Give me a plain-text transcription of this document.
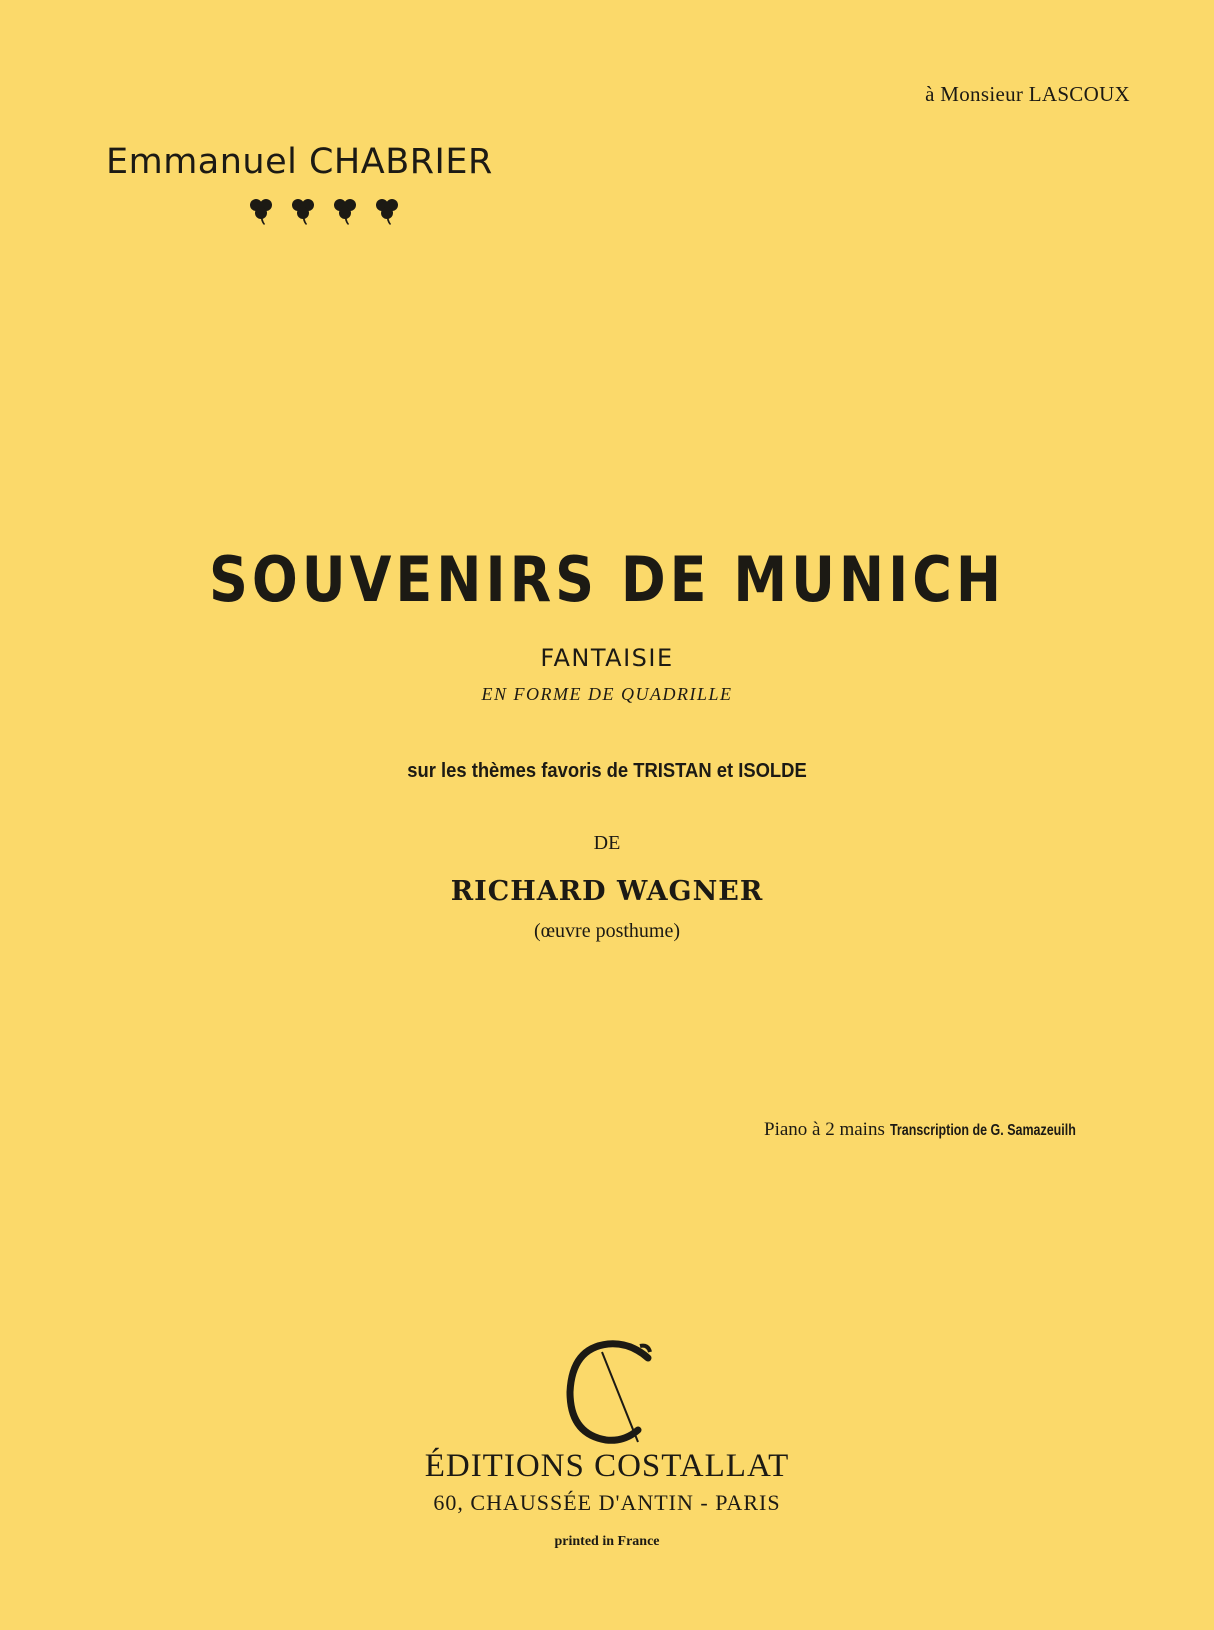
à Monsieur LASCOUX
Emmanuel CHABRIER
SOUVENIRS DE MUNICH
FANTAISIE
EN FORME DE QUADRILLE
sur les thèmes favoris de TRISTAN et ISOLDE
DE
RICHARD WAGNER
(œuvre posthume)
Piano à 2 mains Transcription de G. Samazeuilh
ÉDITIONS COSTALLAT
60, CHAUSSÉE D'ANTIN - PARIS
printed in France
